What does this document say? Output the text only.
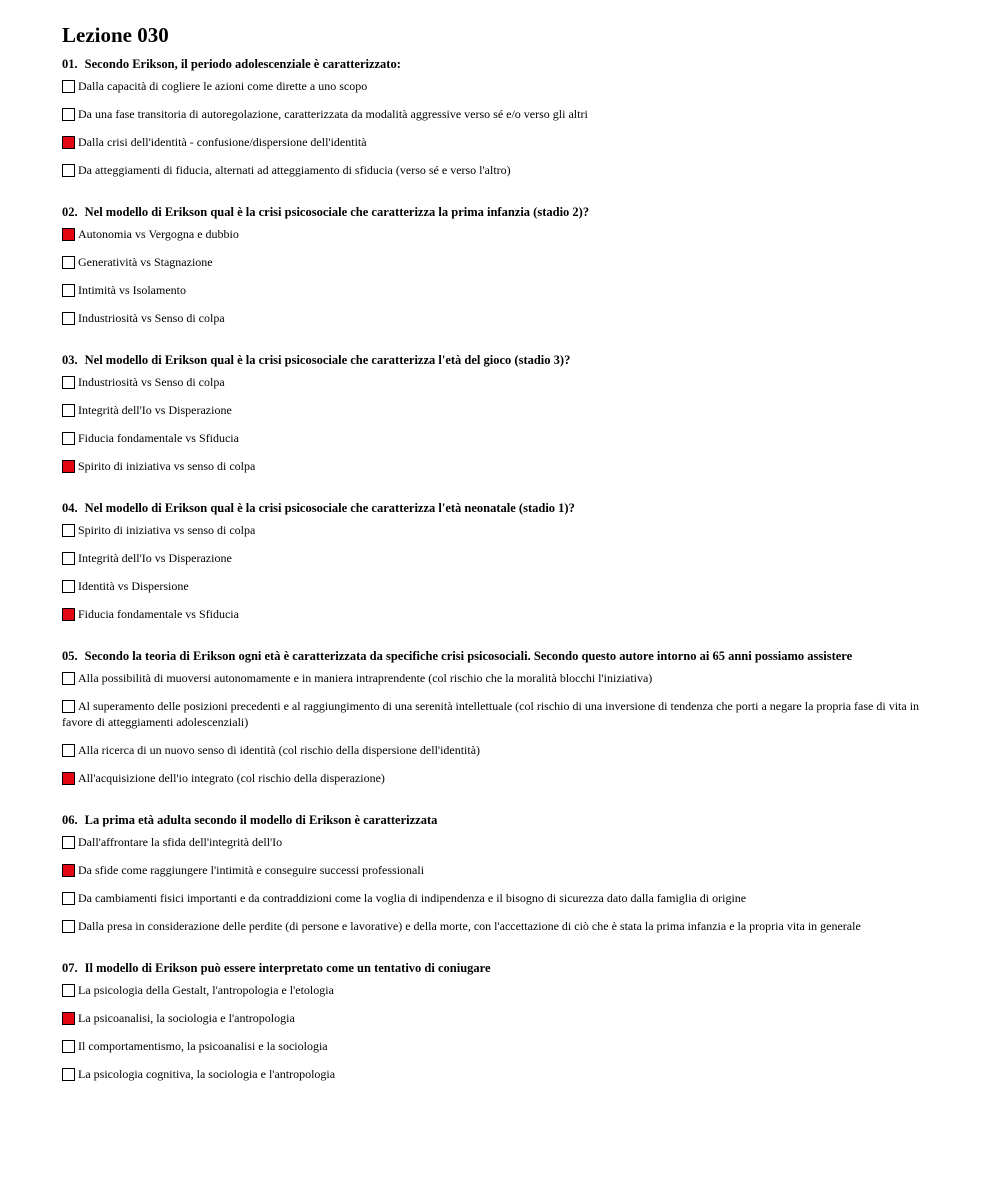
Lezione 030
01. Secondo Erikson, il periodo adolescenziale è caratterizzato:
Dalla capacità di cogliere le azioni come dirette a uno scopo
Da una fase transitoria di autoregolazione, caratterizzata da modalità aggressive verso sé e/o verso gli altri
Dalla crisi dell'identità - confusione/dispersione dell'identità
Da atteggiamenti di fiducia, alternati ad atteggiamento di sfiducia (verso sé e verso l'altro)
02. Nel modello di Erikson qual è la crisi psicosociale che caratterizza la prima infanzia (stadio 2)?
Autonomia vs Vergogna e dubbio
Generatività vs Stagnazione
Intimità vs Isolamento
Industriosità vs Senso di colpa
03. Nel modello di Erikson qual è la crisi psicosociale che caratterizza l'età del gioco (stadio 3)?
Industriosità vs Senso di colpa
Integrità dell'Io vs Disperazione
Fiducia fondamentale vs Sfiducia
Spirito di iniziativa vs senso di colpa
04. Nel modello di Erikson qual è la crisi psicosociale che caratterizza l'età neonatale (stadio 1)?
Spirito di iniziativa vs senso di colpa
Integrità dell'Io vs Disperazione
Identità vs Dispersione
Fiducia fondamentale vs Sfiducia
05. Secondo la teoria di Erikson ogni età è caratterizzata da specifiche crisi psicosociali. Secondo questo autore intorno ai 65 anni possiamo assistere
Alla possibilità di muoversi autonomamente e in maniera intraprendente (col rischio che la moralità blocchi l'iniziativa)
Al superamento delle posizioni precedenti e al raggiungimento di una serenità intellettuale (col rischio di una inversione di tendenza che porti a negare la propria fase di vita in favore di atteggiamenti adolescenziali)
Alla ricerca di un nuovo senso di identità (col rischio della dispersione dell'identità)
All'acquisizione dell'io integrato (col rischio della disperazione)
06. La prima età adulta secondo il modello di Erikson è caratterizzata
Dall'affrontare la sfida dell'integrità dell'Io
Da sfide come raggiungere l'intimità e conseguire successi professionali
Da cambiamenti fisici importanti e da contraddizioni come la voglia di indipendenza e il bisogno di sicurezza dato dalla famiglia di origine
Dalla presa in considerazione delle perdite (di persone e lavorative) e della morte, con l'accettazione di ciò che è stata la prima infanzia e la propria vita in generale
07. Il modello di Erikson può essere interpretato come un tentativo di coniugare
La psicologia della Gestalt, l'antropologia e l'etologia
La psicoanalisi, la sociologia e l'antropologia
Il comportamentismo, la psicoanalisi e la sociologia
La psicologia cognitiva, la sociologia e l'antropologia
